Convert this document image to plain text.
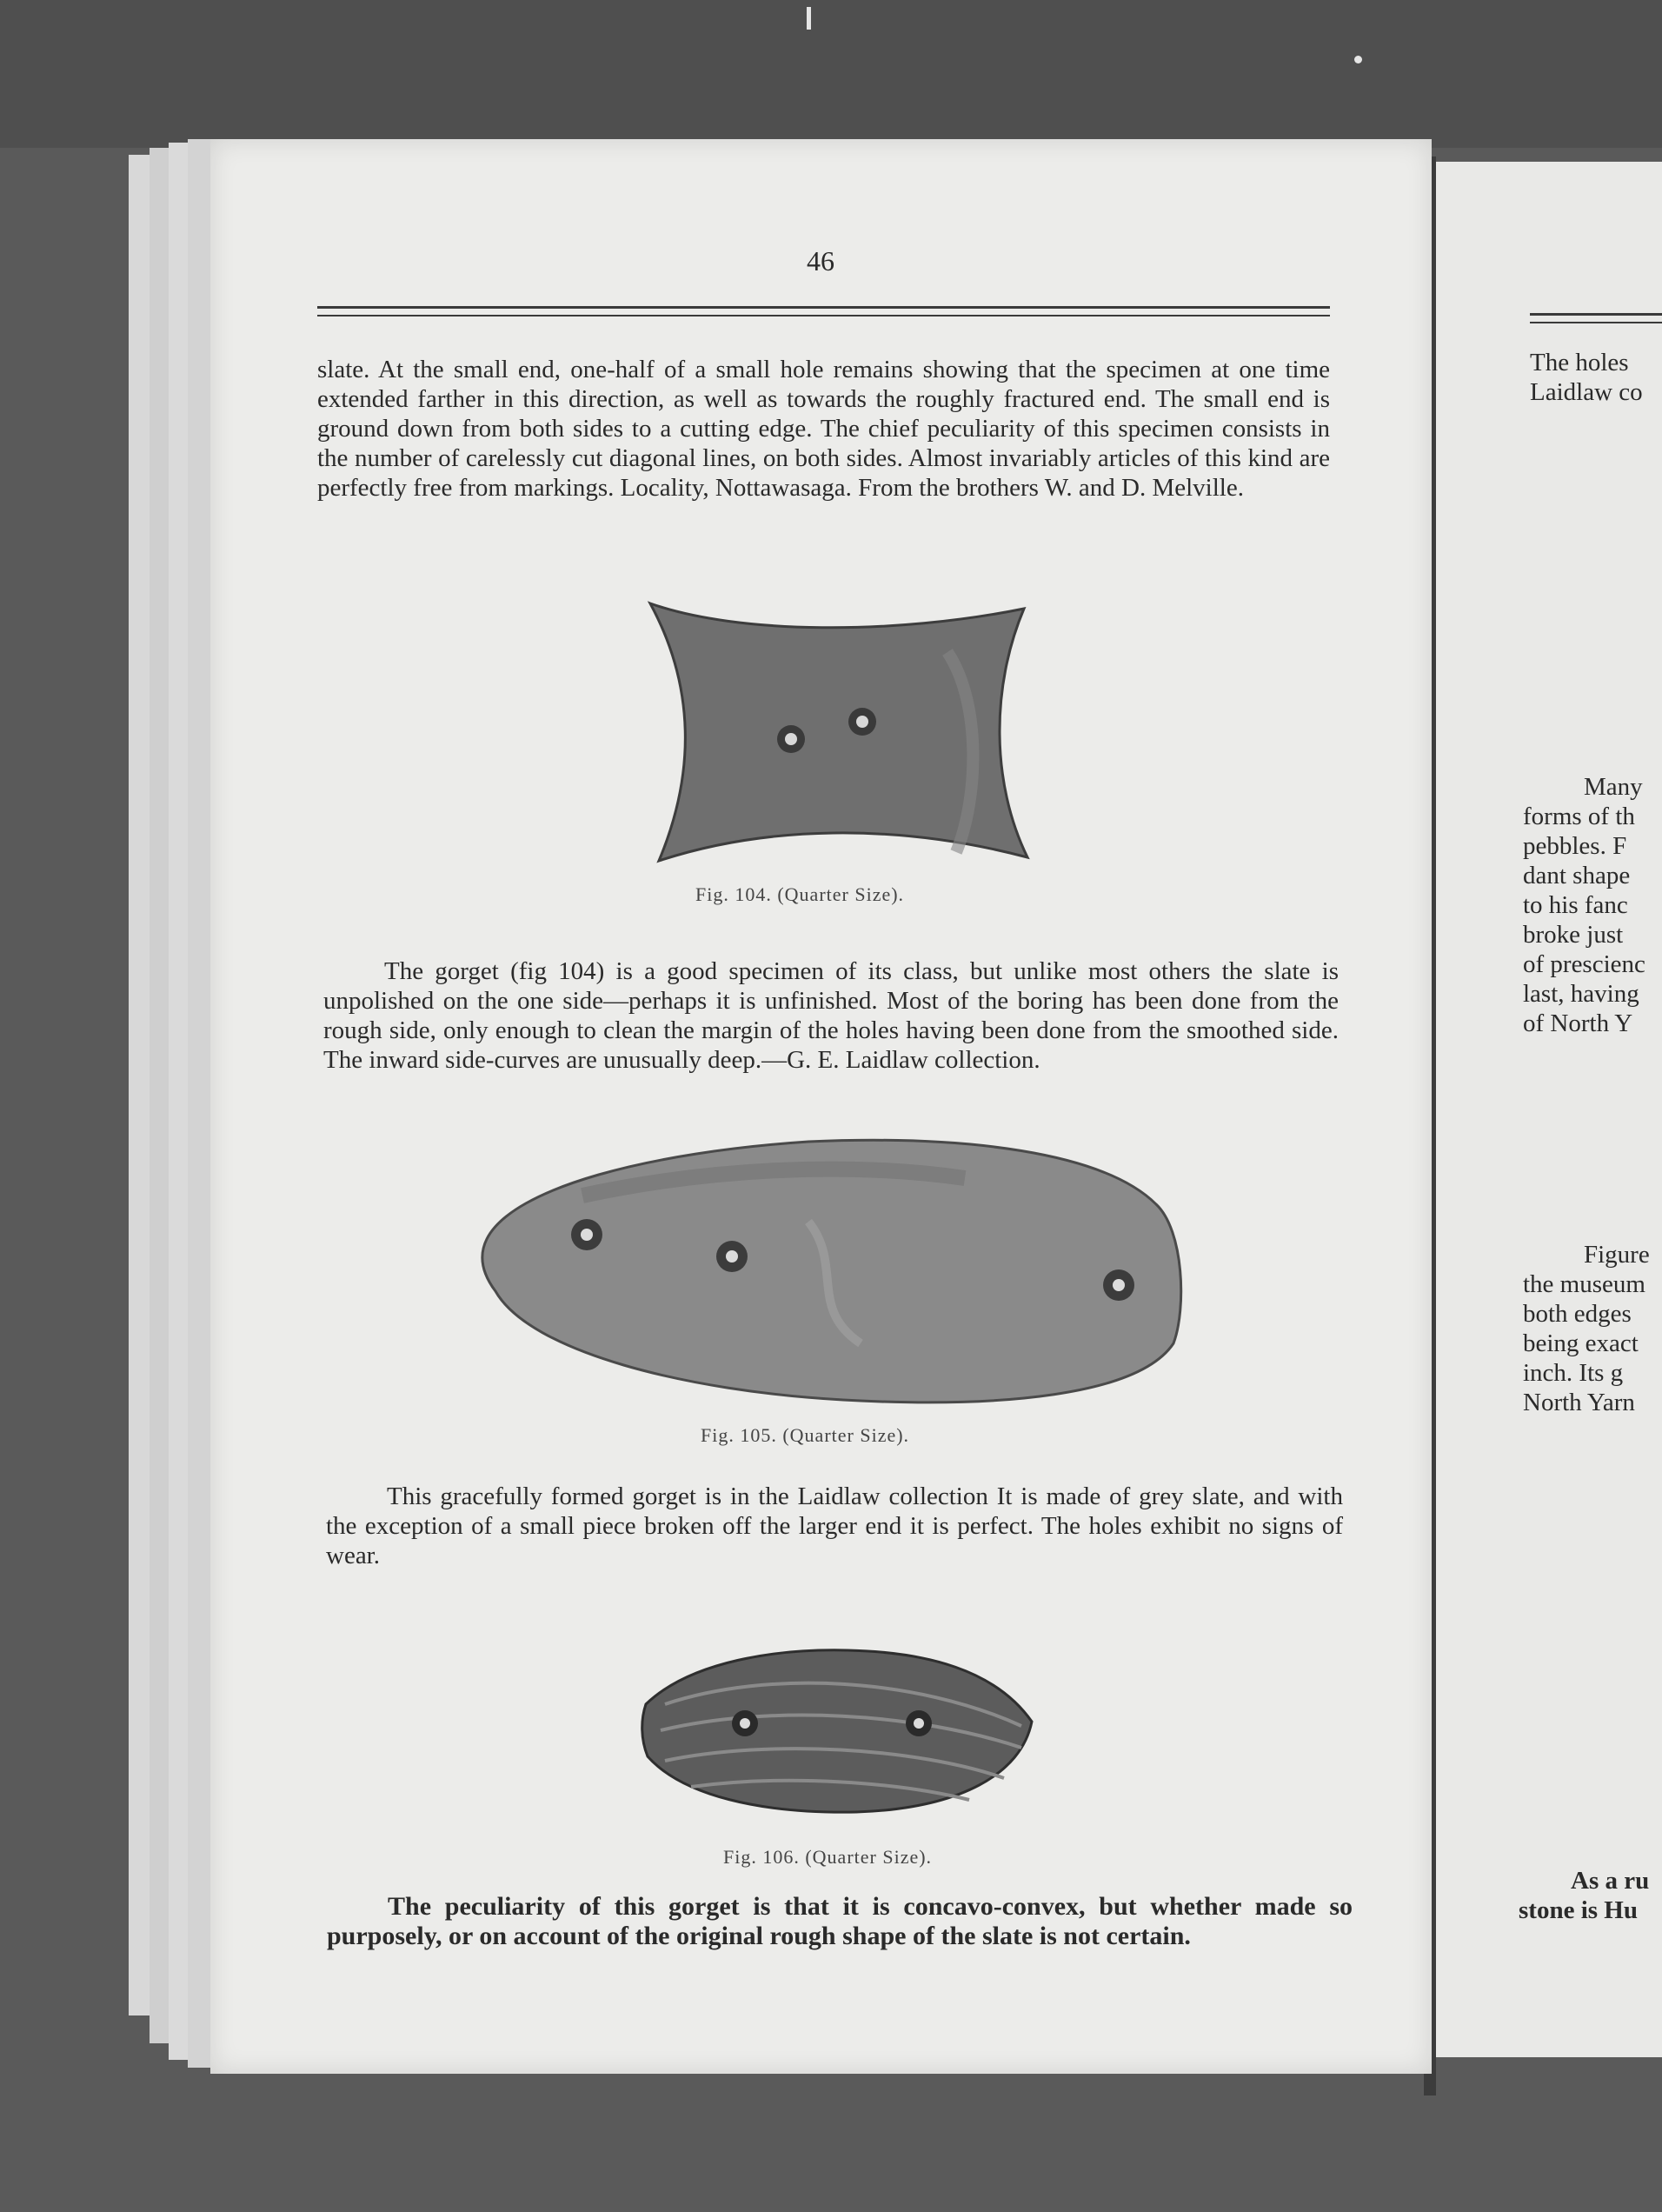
46

slate. At the small end, one-half of a small hole remains showing that the specimen at one time extended farther in this direction, as well as towards the roughly fractured end. The small end is ground down from both sides to a cutting edge. The chief peculiarity of this specimen consists in the number of carelessly cut diagonal lines, on both sides. Almost invariably articles of this kind are perfectly free from markings. Locality, Nottawasaga. From the brothers W. and D. Melville.

Fig. 104. (Quarter Size).

The gorget (fig 104) is a good specimen of its class, but unlike most others the slate is unpolished on the one side—perhaps it is unfinished. Most of the boring has been done from the rough side, only enough to clean the margin of the holes having been done from the smoothed side. The inward side-curves are unusually deep.—G. E. Laidlaw collection.

Fig. 105. (Quarter Size).

This gracefully formed gorget is in the Laidlaw collection It is made of grey slate, and with the exception of a small piece broken off the larger end it is perfect. The holes exhibit no signs of wear.

Fig. 106. (Quarter Size).

The peculiarity of this gorget is that it is concavo-convex, but whether made so purposely, or on account of the original rough shape of the slate is not certain.

The holes

Laidlaw co

Many

forms of th

pebbles. F

dant shape

to his fanc

broke just

of prescienc

last, having

of North Y

Figure

the museum

both edges

being exact

inch. Its g

North Yarn

As a ru

stone is Hu
